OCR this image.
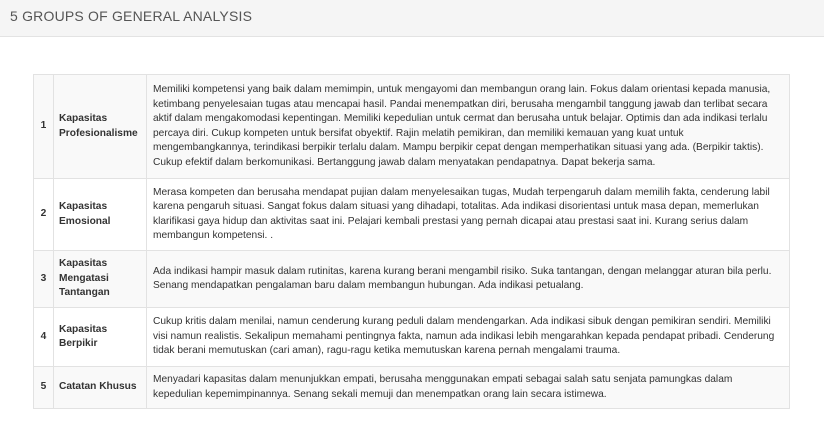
5 GROUPS OF GENERAL ANALYSIS
1	Kapasitas Profesionalisme	Memiliki kompetensi yang baik dalam memimpin, untuk mengayomi dan membangun orang lain. Fokus dalam orientasi kepada manusia, ketimbang penyelesaian tugas atau mencapai hasil. Pandai menempatkan diri, berusaha mengambil tanggung jawab dan terlibat secara aktif dalam mengakomodasi kepentingan. Memiliki kepedulian untuk cermat dan berusaha untuk belajar. Optimis dan ada indikasi terlalu percaya diri. Cukup kompeten untuk bersifat obyektif. Rajin melatih pemikiran, dan memiliki kemauan yang kuat untuk mengembangkannya, terindikasi berpikir terlalu dalam. Mampu berpikir cepat dengan memperhatikan situasi yang ada. (Berpikir taktis). Cukup efektif dalam berkomunikasi. Bertanggung jawab dalam menyatakan pendapatnya. Dapat bekerja sama.
2	Kapasitas Emosional	Merasa kompeten dan berusaha mendapat pujian dalam menyelesaikan tugas, Mudah terpengaruh dalam memilih fakta, cenderung labil karena pengaruh situasi. Sangat fokus dalam situasi yang dihadapi, totalitas. Ada indikasi disorientasi untuk masa depan, memerlukan klarifikasi gaya hidup dan aktivitas saat ini. Pelajari kembali prestasi yang pernah dicapai atau prestasi saat ini. Kurang serius dalam membangun kompetensi. .
3	Kapasitas Mengatasi Tantangan	Ada indikasi hampir masuk dalam rutinitas, karena kurang berani mengambil risiko. Suka tantangan, dengan melanggar aturan bila perlu. Senang mendapatkan pengalaman baru dalam membangun hubungan. Ada indikasi petualang.
4	Kapasitas Berpikir	Cukup kritis dalam menilai, namun cenderung kurang peduli dalam mendengarkan. Ada indikasi sibuk dengan pemikiran sendiri. Memiliki visi namun realistis. Sekalipun memahami pentingnya fakta, namun ada indikasi lebih mengarahkan kepada pendapat pribadi. Cenderung tidak berani memutuskan (cari aman), ragu-ragu ketika memutuskan karena pernah mengalami trauma.
5	Catatan Khusus	Menyadari kapasitas dalam menunjukkan empati, berusaha menggunakan empati sebagai salah satu senjata pamungkas dalam kepedulian kepemimpinannya. Senang sekali memuji dan menempatkan orang lain secara istimewa.
